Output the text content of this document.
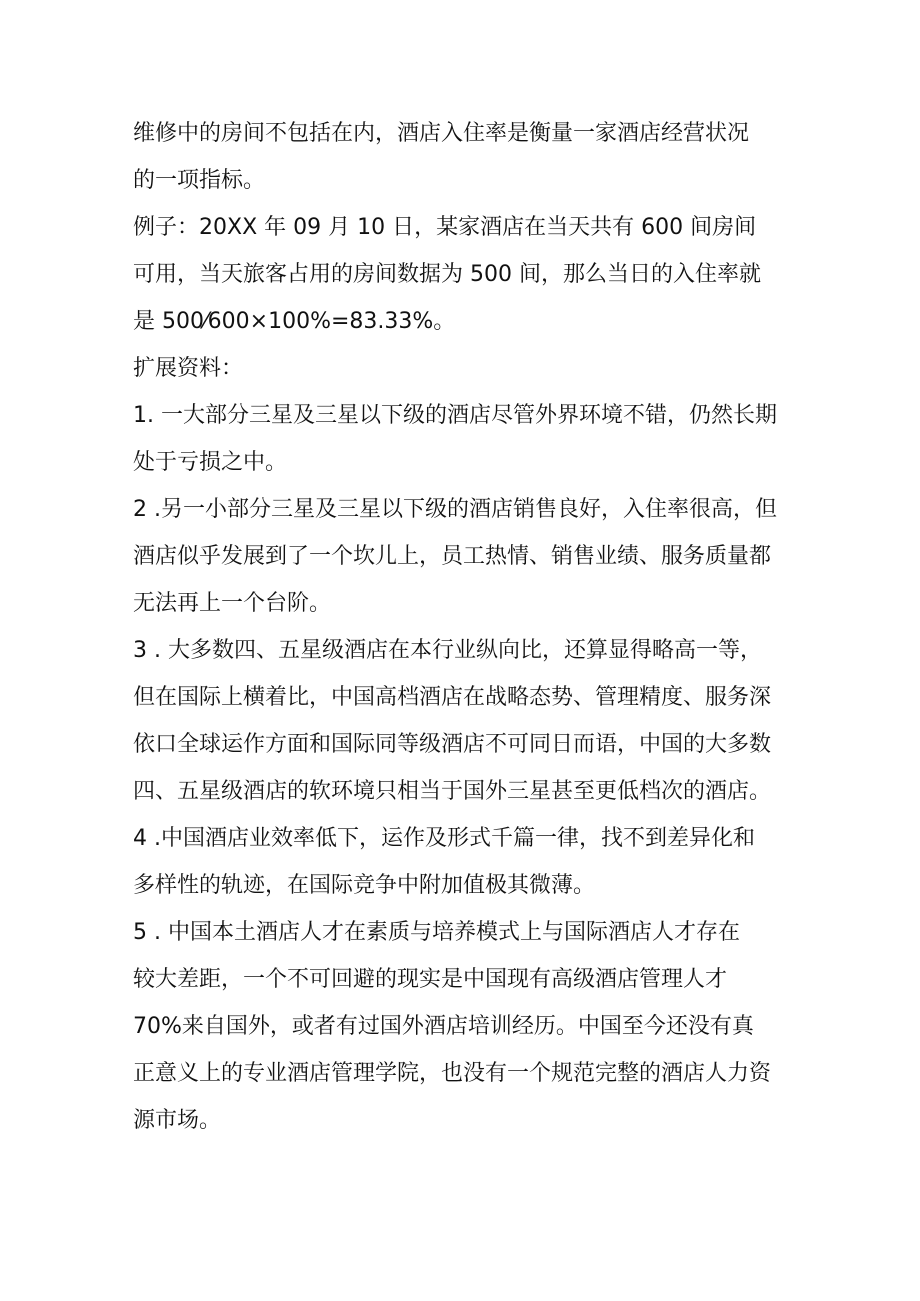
维修中的房间不包括在内，酒店入住率是衡量一家酒店经营状况
的一项指标。
例子：20XX 年 09 月 10 日，某家酒店在当天共有 600 间房间
可用，当天旅客占用的房间数据为 500 间，那么当日的入住率就
是 500⁄600×100%=83.33%。
扩展资料：
1. 一大部分三星及三星以下级的酒店尽管外界环境不错，仍然长期
处于亏损之中。
2 .另一小部分三星及三星以下级的酒店销售良好，入住率很高，但
酒店似乎发展到了一个坎儿上，员工热情、销售业绩、服务质量都
无法再上一个台阶。
3 . 大多数四、五星级酒店在本行业纵向比，还算显得略高一等，
但在国际上横着比，中国高档酒店在战略态势、管理精度、服务深
依口全球运作方面和国际同等级酒店不可同日而语，中国的大多数
四、五星级酒店的软环境只相当于国外三星甚至更低档次的酒店。
4 .中国酒店业效率低下，运作及形式千篇一律，找不到差异化和
多样性的轨迹，在国际竞争中附加值极其微薄。
5 . 中国本土酒店人才在素质与培养模式上与国际酒店人才存在
较大差距，一个不可回避的现实是中国现有高级酒店管理人才
70%来自国外，或者有过国外酒店培训经历。中国至今还没有真
正意义上的专业酒店管理学院，也没有一个规范完整的酒店人力资
源市场。
